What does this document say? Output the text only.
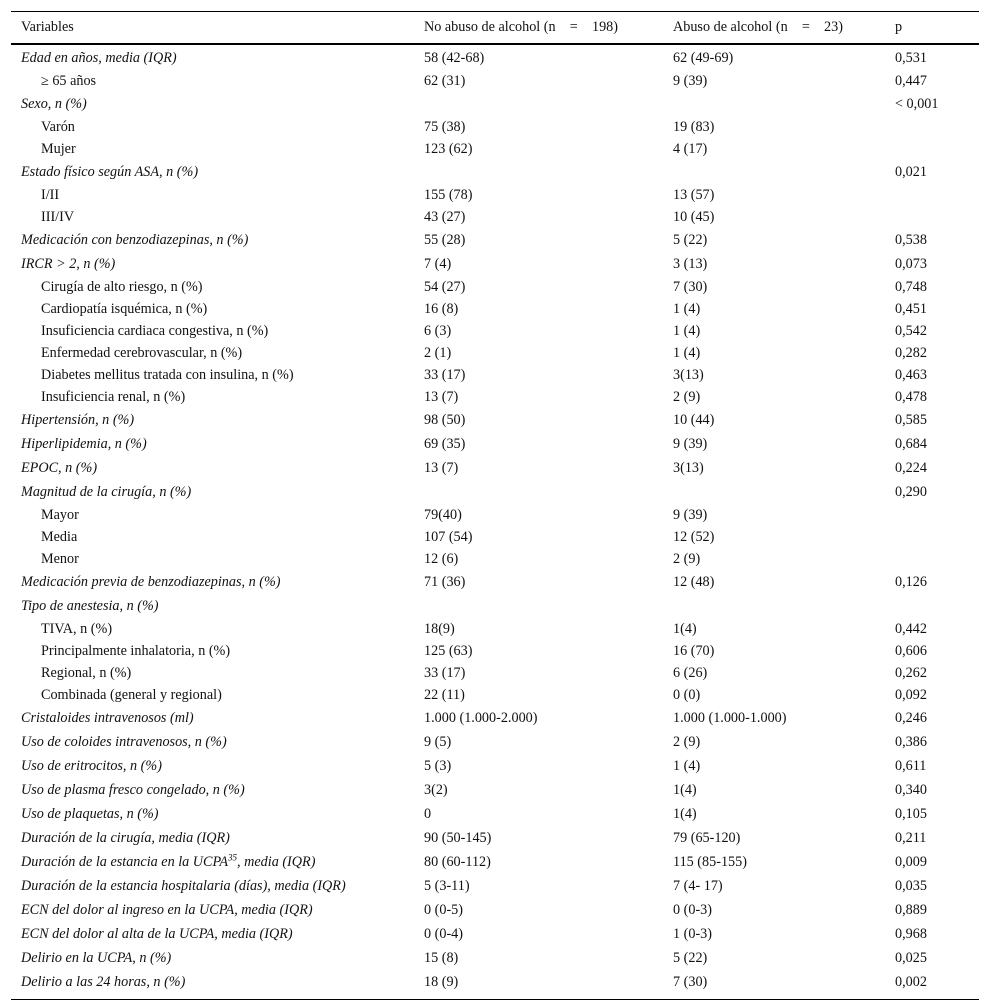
Variables	No abuso de alcohol (n  =  198)	Abuso de alcohol (n  =  23)	p
Edad en años, media (IQR)	58 (42-68)	62 (49-69)	0,531
≥ 65 años	62 (31)	9 (39)	0,447
Sexo, n (%)			< 0,001
Varón	75 (38)	19 (83)	
Mujer	123 (62)	4 (17)	
Estado físico según ASA, n (%)			0,021
I/II	155 (78)	13 (57)	
III/IV	43 (27)	10 (45)	
Medicación con benzodiazepinas, n (%)	55 (28)	5 (22)	0,538
IRCR > 2, n (%)	7 (4)	3 (13)	0,073
Cirugía de alto riesgo, n (%)	54 (27)	7 (30)	0,748
Cardiopatía isquémica, n (%)	16 (8)	1 (4)	0,451
Insuficiencia cardiaca congestiva, n (%)	6 (3)	1 (4)	0,542
Enfermedad cerebrovascular, n (%)	2 (1)	1 (4)	0,282
Diabetes mellitus tratada con insulina, n (%)	33 (17)	3(13)	0,463
Insuficiencia renal, n (%)	13 (7)	2 (9)	0,478
Hipertensión, n (%)	98 (50)	10 (44)	0,585
Hiperlipidemia, n (%)	69 (35)	9 (39)	0,684
EPOC, n (%)	13 (7)	3(13)	0,224
Magnitud de la cirugía, n (%)			0,290
Mayor	79(40)	9 (39)	
Media	107 (54)	12 (52)	
Menor	12 (6)	2 (9)	
Medicación previa de benzodiazepinas, n (%)	71 (36)	12 (48)	0,126
Tipo de anestesia, n (%)			
TIVA, n (%)	18(9)	1(4)	0,442
Principalmente inhalatoria, n (%)	125 (63)	16 (70)	0,606
Regional, n (%)	33 (17)	6 (26)	0,262
Combinada (general y regional)	22 (11)	0 (0)	0,092
Cristaloides intravenosos (ml)	1.000 (1.000-2.000)	1.000 (1.000-1.000)	0,246
Uso de coloides intravenosos, n (%)	9 (5)	2 (9)	0,386
Uso de eritrocitos, n (%)	5 (3)	1 (4)	0,611
Uso de plasma fresco congelado, n (%)	3(2)	1(4)	0,340
Uso de plaquetas, n (%)	0	1(4)	0,105
Duración de la cirugía, media (IQR)	90 (50-145)	79 (65-120)	0,211
Duración de la estancia en la UCPA$^{35}$, media (IQR)	80 (60-112)	115 (85-155)	0,009
Duración de la estancia hospitalaria (días), media (IQR)	5 (3-11)	7 (4- 17)	0,035
ECN del dolor al ingreso en la UCPA, media (IQR)	0 (0-5)	0 (0-3)	0,889
ECN del dolor al alta de la UCPA, media (IQR)	0 (0-4)	1 (0-3)	0,968
Delirio en la UCPA, n (%)	15 (8)	5 (22)	0,025
Delirio a las 24 horas, n (%)	18 (9)	7 (30)	0,002
